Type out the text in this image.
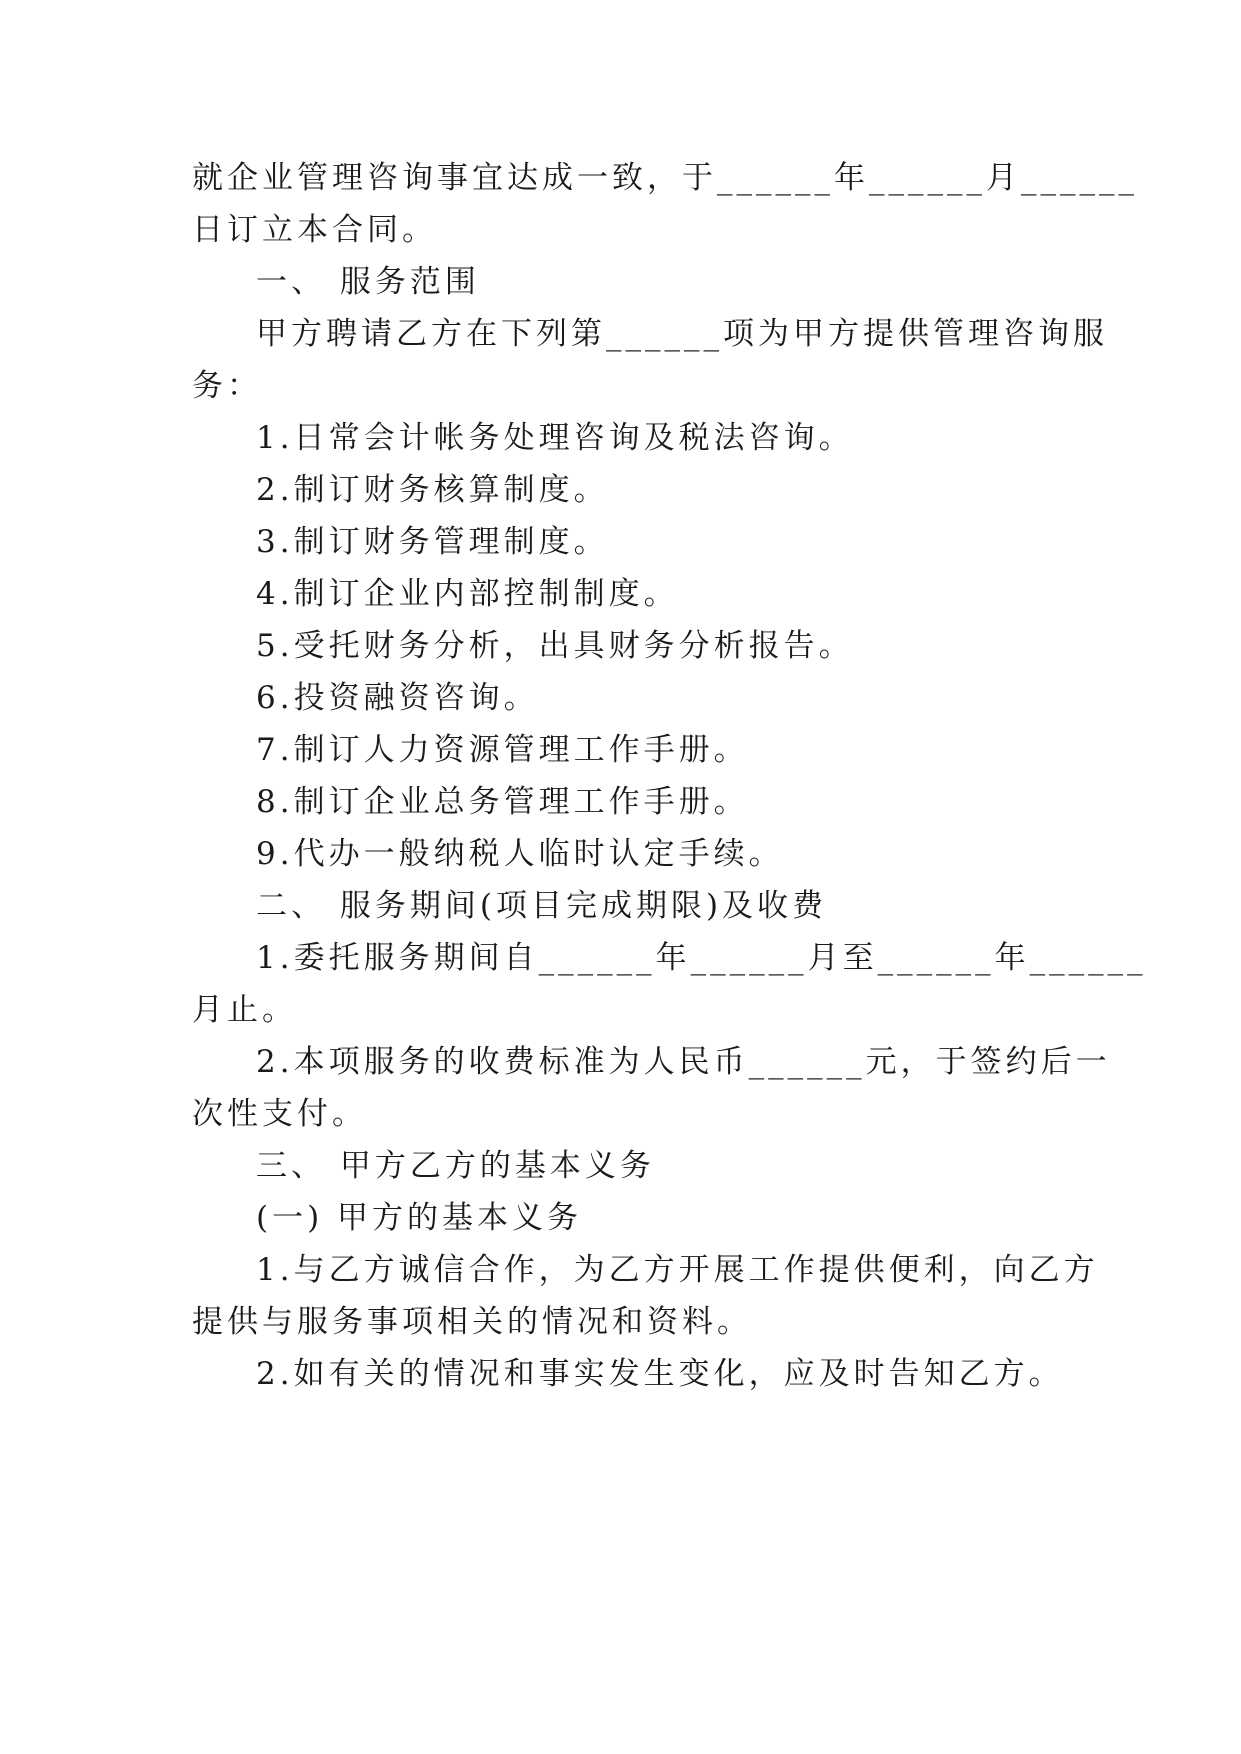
就企业管理咨询事宜达成一致，于______年______月______
日订立本合同。
一、 服务范围
甲方聘请乙方在下列第______项为甲方提供管理咨询服
务：
1.日常会计帐务处理咨询及税法咨询。
2.制订财务核算制度。
3.制订财务管理制度。
4.制订企业内部控制制度。
5.受托财务分析，出具财务分析报告。
6.投资融资咨询。
7.制订人力资源管理工作手册。
8.制订企业总务管理工作手册。
9.代办一般纳税人临时认定手续。
二、 服务期间(项目完成期限)及收费
1.委托服务期间自______年______月至______年______
月止。
2.本项服务的收费标准为人民币______元，于签约后一
次性支付。
三、 甲方乙方的基本义务
(一) 甲方的基本义务
1.与乙方诚信合作，为乙方开展工作提供便利，向乙方
提供与服务事项相关的情况和资料。
2.如有关的情况和事实发生变化，应及时告知乙方。
